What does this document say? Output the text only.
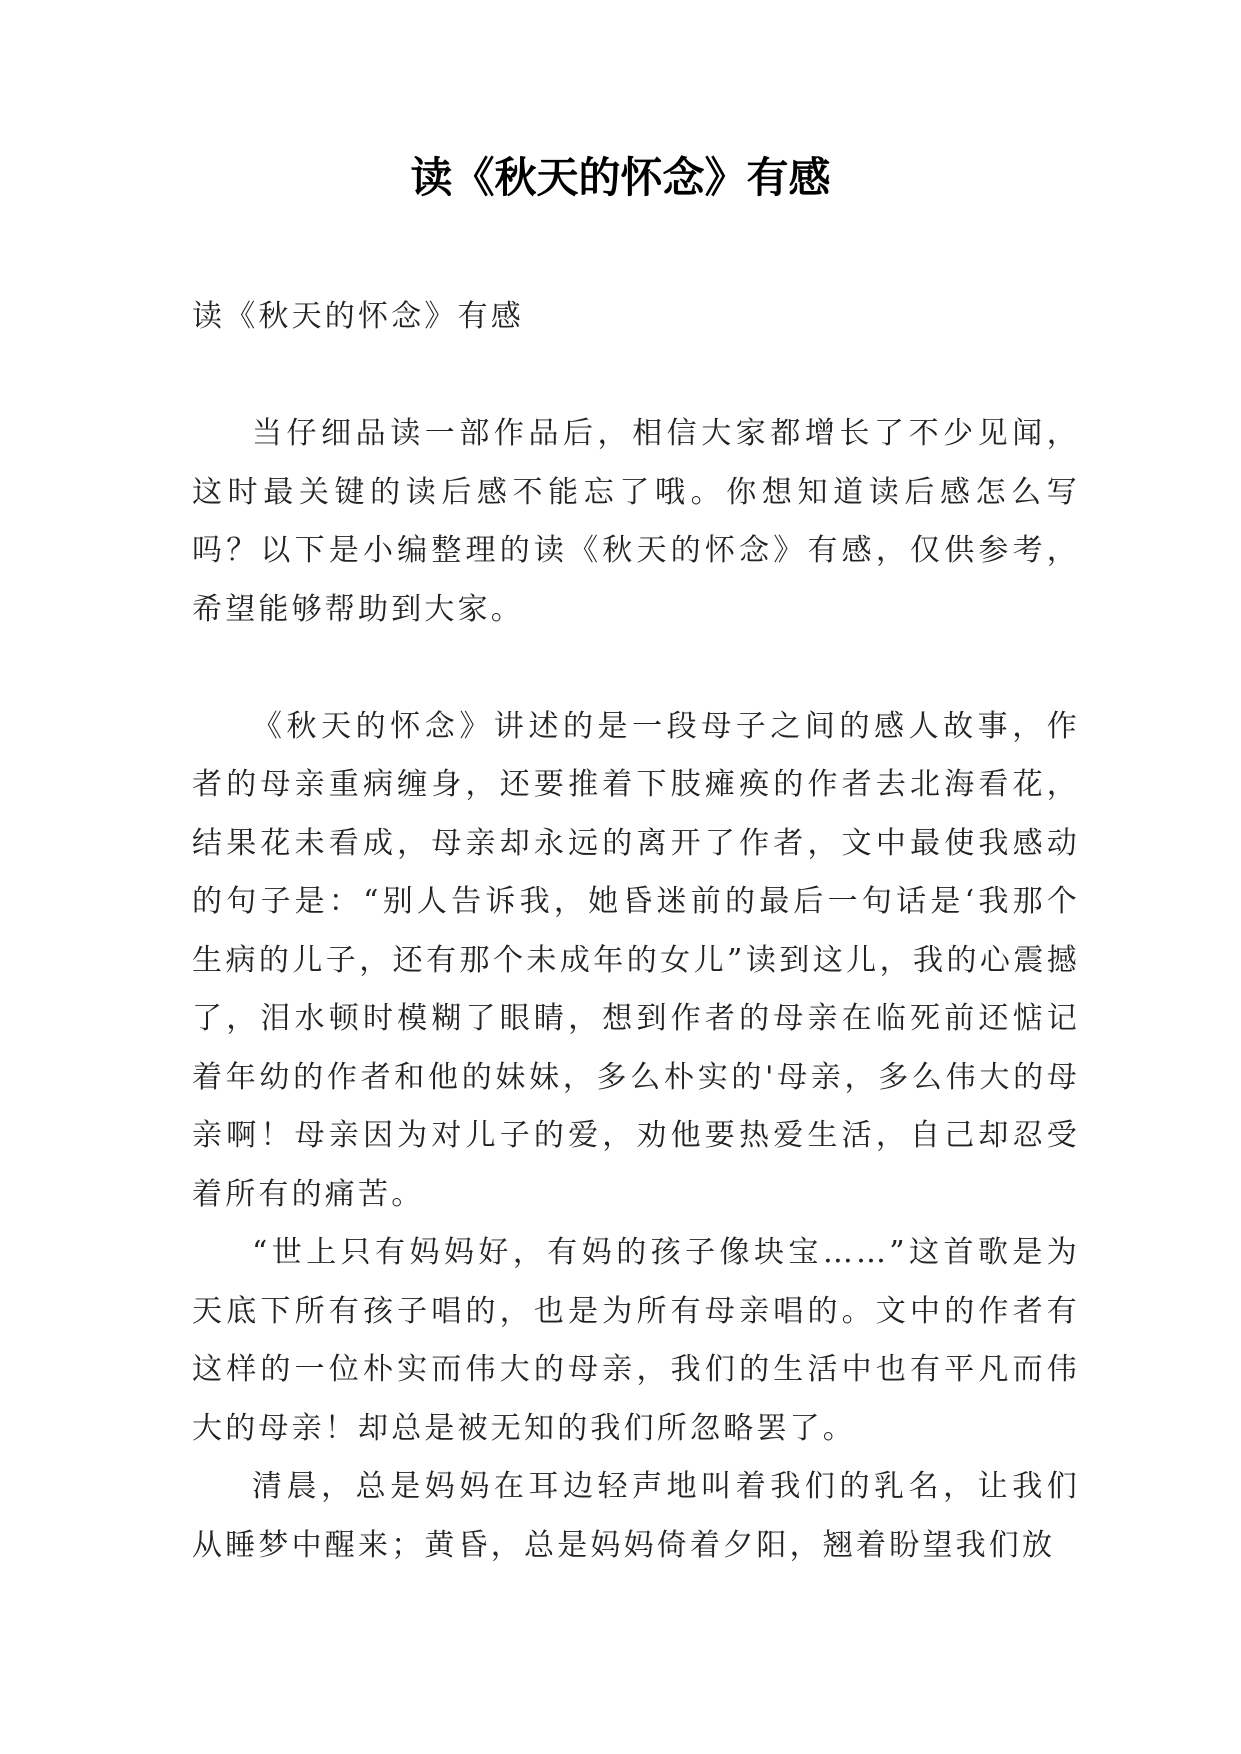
读《秋天的怀念》有感

读《秋天的怀念》有感

当仔细品读一部作品后，相信大家都增长了不少见闻，这时最关键的读后感不能忘了哦。你想知道读后感怎么写吗？以下是小编整理的读《秋天的怀念》有感，仅供参考，希望能够帮助到大家。

《秋天的怀念》讲述的是一段母子之间的感人故事，作者的母亲重病缠身，还要推着下肢瘫痪的作者去北海看花，结果花未看成，母亲却永远的离开了作者，文中最使我感动的句子是：“别人告诉我，她昏迷前的最后一句话是‘我那个生病的儿子，还有那个未成年的女儿”读到这儿，我的心震撼了，泪水顿时模糊了眼睛，想到作者的母亲在临死前还惦记着年幼的作者和他的妹妹，多么朴实的'母亲，多么伟大的母亲啊！母亲因为对儿子的爱，劝他要热爱生活，自己却忍受着所有的痛苦。

“世上只有妈妈好，有妈的孩子像块宝……”这首歌是为天底下所有孩子唱的，也是为所有母亲唱的。文中的作者有这样的一位朴实而伟大的母亲，我们的生活中也有平凡而伟大的母亲！却总是被无知的我们所忽略罢了。

清晨，总是妈妈在耳边轻声地叫着我们的乳名，让我们从睡梦中醒来；黄昏，总是妈妈倚着夕阳，翘着盼望我们放
